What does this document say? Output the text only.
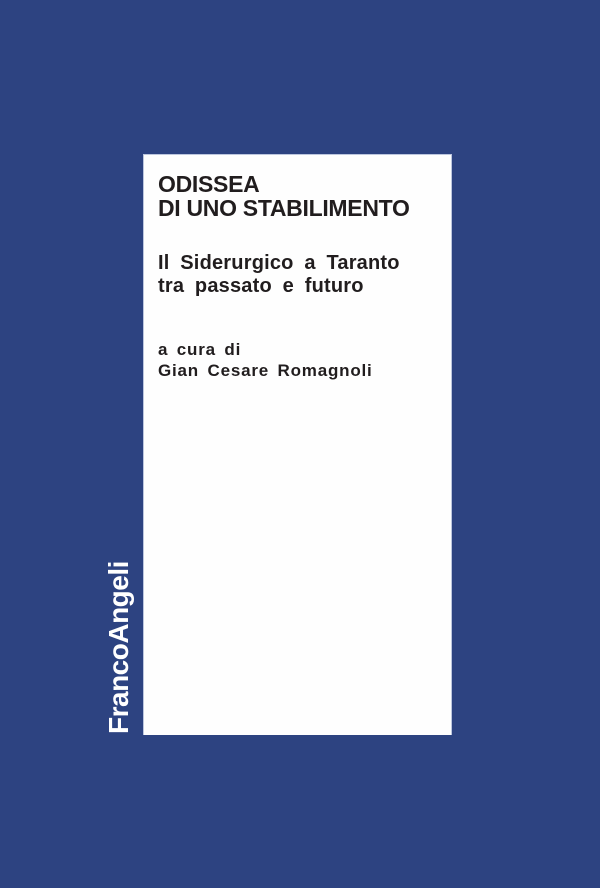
FrancoAngeli
ODISSEA
DI UNO STABILIMENTO
Il Siderurgico a Taranto
tra passato e futuro
a cura di
Gian Cesare Romagnoli
